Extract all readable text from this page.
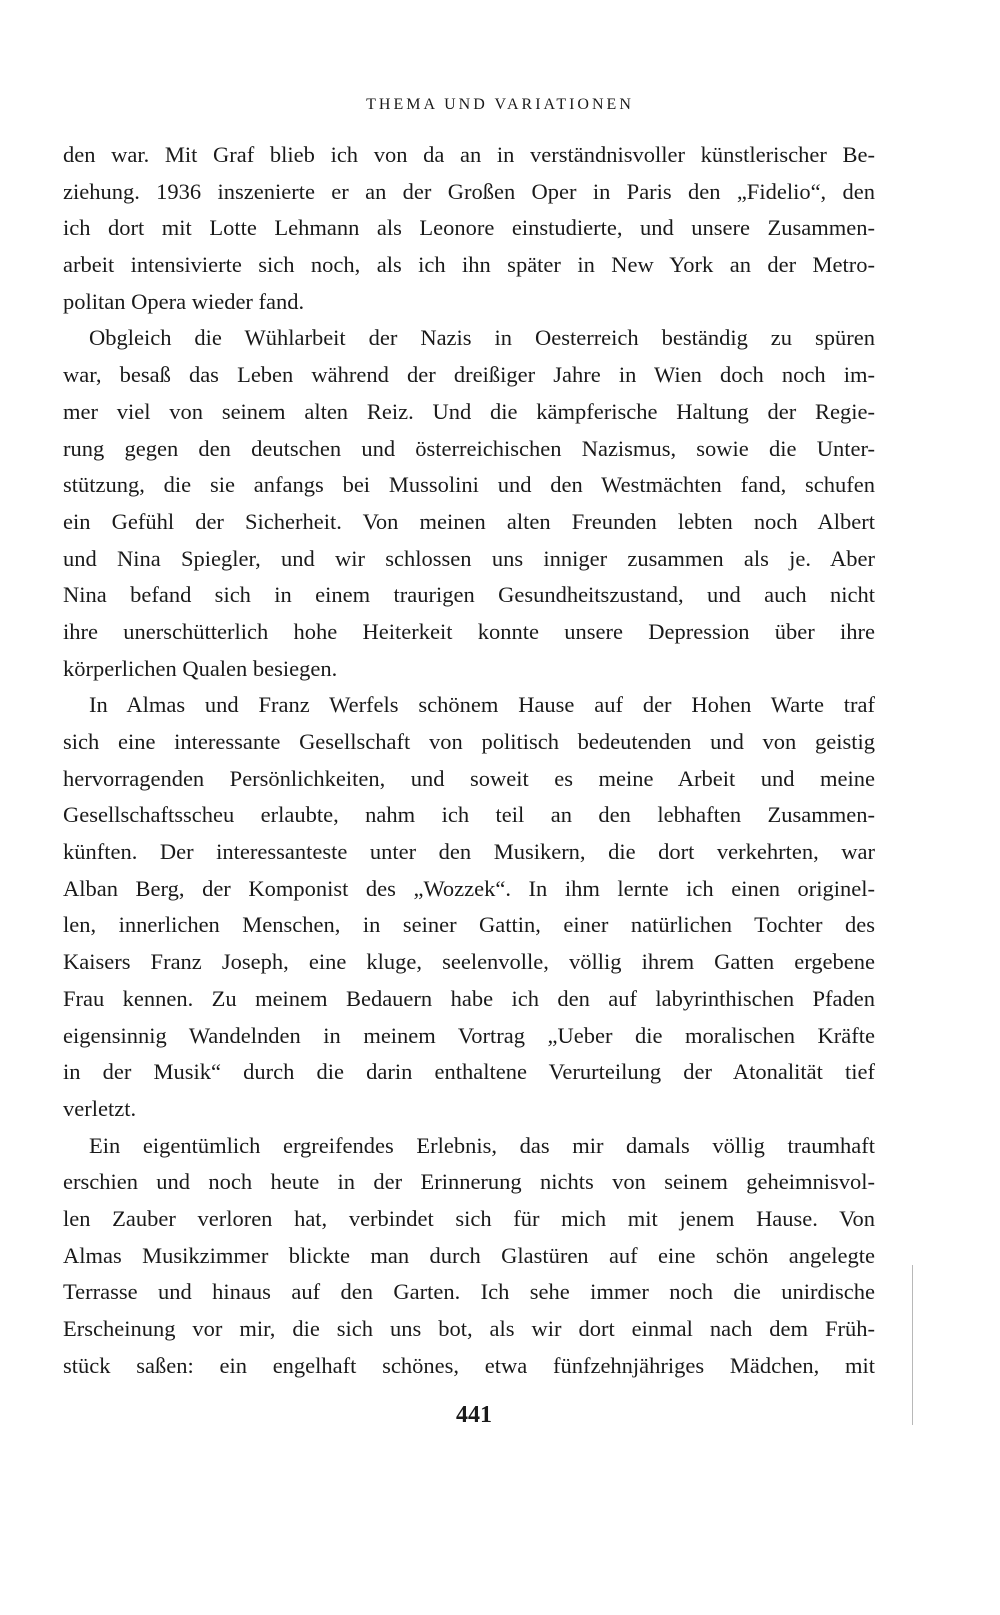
THEMA UND VARIATIONEN
den war. Mit Graf blieb ich von da an in verständnisvoller künstlerischer Be-
ziehung. 1936 inszenierte er an der Großen Oper in Paris den „Fidelio“, den
ich dort mit Lotte Lehmann als Leonore einstudierte, und unsere Zusammen-
arbeit intensivierte sich noch, als ich ihn später in New York an der Metro-
politan Opera wieder fand.
Obgleich die Wühlarbeit der Nazis in Oesterreich beständig zu spüren
war, besaß das Leben während der dreißiger Jahre in Wien doch noch im-
mer viel von seinem alten Reiz. Und die kämpferische Haltung der Regie-
rung gegen den deutschen und österreichischen Nazismus, sowie die Unter-
stützung, die sie anfangs bei Mussolini und den Westmächten fand, schufen
ein Gefühl der Sicherheit. Von meinen alten Freunden lebten noch Albert
und Nina Spiegler, und wir schlossen uns inniger zusammen als je. Aber
Nina befand sich in einem traurigen Gesundheitszustand, und auch nicht
ihre unerschütterlich hohe Heiterkeit konnte unsere Depression über ihre
körperlichen Qualen besiegen.
In Almas und Franz Werfels schönem Hause auf der Hohen Warte traf
sich eine interessante Gesellschaft von politisch bedeutenden und von geistig
hervorragenden Persönlichkeiten, und soweit es meine Arbeit und meine
Gesellschaftsscheu erlaubte, nahm ich teil an den lebhaften Zusammen-
künften. Der interessanteste unter den Musikern, die dort verkehrten, war
Alban Berg, der Komponist des „Wozzek“. In ihm lernte ich einen originel-
len, innerlichen Menschen, in seiner Gattin, einer natürlichen Tochter des
Kaisers Franz Joseph, eine kluge, seelenvolle, völlig ihrem Gatten ergebene
Frau kennen. Zu meinem Bedauern habe ich den auf labyrinthischen Pfaden
eigensinnig Wandelnden in meinem Vortrag „Ueber die moralischen Kräfte
in der Musik“ durch die darin enthaltene Verurteilung der Atonalität tief
verletzt.
Ein eigentümlich ergreifendes Erlebnis, das mir damals völlig traumhaft
erschien und noch heute in der Erinnerung nichts von seinem geheimnisvol-
len Zauber verloren hat, verbindet sich für mich mit jenem Hause. Von
Almas Musikzimmer blickte man durch Glastüren auf eine schön angelegte
Terrasse und hinaus auf den Garten. Ich sehe immer noch die unirdische
Erscheinung vor mir, die sich uns bot, als wir dort einmal nach dem Früh-
stück saßen: ein engelhaft schönes, etwa fünfzehnjähriges Mädchen, mit
441
